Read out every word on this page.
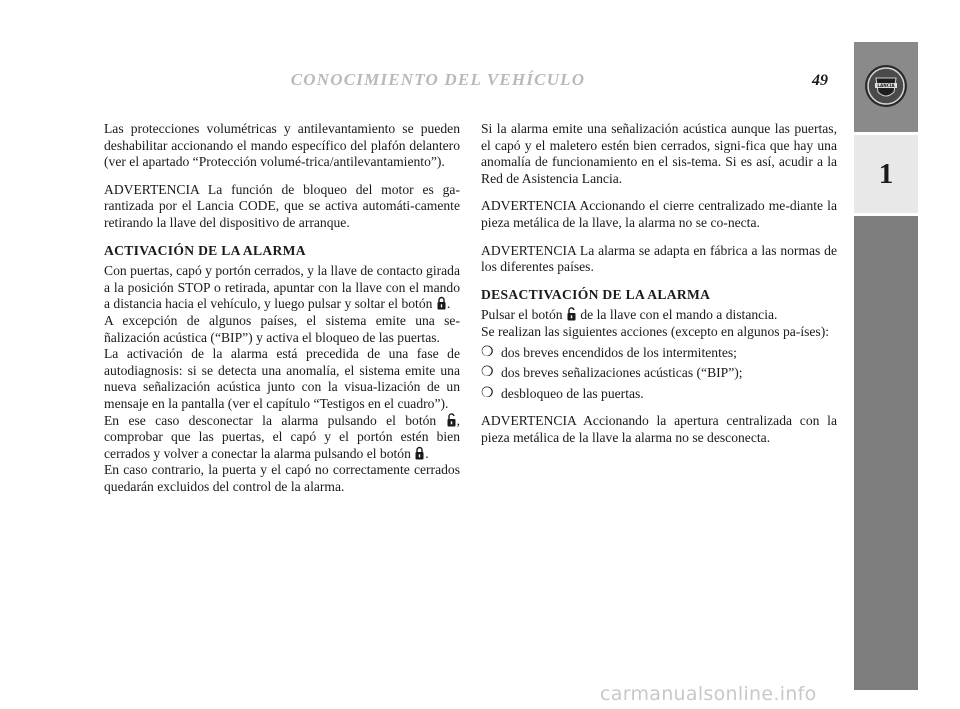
CONOCIMIENTO DEL VEHÍCULO	49	LANCIA
1

Las protecciones volumétricas y antilevantamiento se pueden deshabilitar accionando el mando específico del plafón delantero (ver el apartado “Protección volumé-trica/antilevantamiento”).

ADVERTENCIA La función de bloqueo del motor es ga-rantizada por el Lancia CODE, que se activa automáti-camente retirando la llave del dispositivo de arranque.

ACTIVACIÓN DE LA ALARMA

Con puertas, capó y portón cerrados, y la llave de contacto girada a la posición STOP o retirada, apuntar con la llave con el mando a distancia hacia el vehículo, y luego pulsar y soltar el botón .

A excepción de algunos países, el sistema emite una se-ñalización acústica (“BIP”) y activa el bloqueo de las puertas.

La activación de la alarma está precedida de una fase de autodiagnosis: si se detecta una anomalía, el sistema emite una nueva señalización acústica junto con la visua-lización de un mensaje en la pantalla (ver el capítulo “Testigos en el cuadro”).

En ese caso desconectar la alarma pulsando el botón , comprobar que las puertas, el capó y el portón estén bien cerrados y volver a conectar la alarma pulsando el botón .

En caso contrario, la puerta y el capó no correctamente cerrados quedarán excluidos del control de la alarma.

Si la alarma emite una señalización acústica aunque las puertas, el capó y el maletero estén bien cerrados, signi-fica que hay una anomalía de funcionamiento en el sis-tema. Si es así, acudir a la Red de Asistencia Lancia.

ADVERTENCIA Accionando el cierre centralizado me-diante la pieza metálica de la llave, la alarma no se co-necta.

ADVERTENCIA La alarma se adapta en fábrica a las normas de los diferentes países.

DESACTIVACIÓN DE LA ALARMA

Pulsar el botón de la llave con el mando a distancia.

Se realizan las siguientes acciones (excepto en algunos pa-íses):

❍ dos breves encendidos de los intermitentes;
❍ dos breves señalizaciones acústicas (“BIP”);
❍ desbloqueo de las puertas.

ADVERTENCIA Accionando la apertura centralizada con la pieza metálica de la llave la alarma no se desconecta.

carmanualsonline.info
